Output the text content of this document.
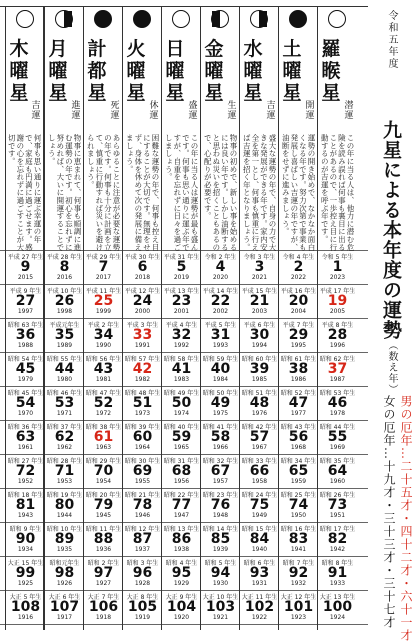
羅睺星
潜運
この年に当る人は、他力に潜む危険を読み誤れば何事も裏目に出ることがあるので、一歩控え目に行動するのが吉運を呼ぶ年です。
令和 5 年生
1
2023
平成 17 年生
19
2005
平成 8 年生
28
1996
昭和 62 年生
37
1987
昭和 53 年生
46
1978
昭和 44 年生
55
1969
昭和 35 年生
64
1960
昭和 26 年生
73
1951
昭和 17 年生
82
1942
昭和 8 年生
91
1933
大正 13 年生
100
1924
土曜星
開運
運勢の開き始めで、なかなか面白くなる年です。努力次第で事業も発展し喜ばしい吉運の年ですが、油断をせずに進みましょう。
令和 4 年生
2
2022
平成 16 年生
20
2004
平成 7 年生
29
1995
昭和 61 年生
38
1986
昭和 52 年生
47
1977
昭和 43 年生
56
1968
昭和 34 年生
65
1959
昭和 25 年生
74
1950
昭和 16 年生
83
1941
昭和 7 年生
92
1932
大正 12 年生
101
1923
水曜星
吉運
盛大な運勢の年で、自身の力で大きな発展ができる年です。家内安全を第一とし、何事も慎重に行えば吉運を招く年となりましょう。
令和 3 年生
3
2021
平成 15 年生
21
2003
平成 6 年生
30
1994
昭和 60 年生
39
1985
昭和 51 年生
48
1976
昭和 42 年生
57
1967
昭和 33 年生
66
1958
昭和 24 年生
75
1949
昭和 15 年生
84
1940
昭和 6 年生
93
1931
大正 11 年生
102
1922
金曜星
生運
物事の初めで、新しい事を始めるには良い年です。しかし油断すると思わぬ災いを招くこともあるので、心配りが必要です。
令和 2 年生
4
2020
平成 14 年生
22
2002
平成 5 年生
31
1993
昭和 59 年生
40
1984
昭和 50 年生
49
1975
昭和 41 年生
58
1966
昭和 32 年生
67
1957
昭和 23 年生
76
1948
昭和 14 年生
85
1939
昭和 5 年生
94
1930
大正 10 年生
103
1921
日曜星
盛運
この年に当る人は運勢が最も盛んです。何事も思い通りに運ぶ年ですが、自重を忘れずに日々を過ごしましょう。
平成 31 年生
5
2019
平成 13 年生
23
2001
平成 4 年生
32
1992
昭和 58 年生
41
1983
昭和 49 年生
50
1974
昭和 40 年生
59
1965
昭和 31 年生
68
1956
昭和 22 年生
77
1947
昭和 13 年生
86
1938
昭和 4 年生
95
1929
大正 9 年生
104
1920
火曜星
休運
困難な運勢の年で、何事も控え目にすることが大切です。無理をせず、身体を休めて次の発展に備えましょう。
平成 30 年生
6
2018
平成 12 年生
24
2000
平成 3 年生
33
1991
昭和 57 年生
42
1982
昭和 48 年生
51
1973
昭和 39 年生
60
1964
昭和 30 年生
69
1955
昭和 21 年生
78
1946
昭和 12 年生
87
1937
昭和 3 年生
96
1928
大正 8 年生
105
1919
計都星
死運
あらゆることに注意が必要な運勢の年です。何事も十分に計画を立て、慎重に行動すれば災いを避けられましょう。
平成 29 年生
7
2017
平成 11 年生
25
1999
平成 2 年生
34
1990
昭和 56 年生
43
1981
昭和 47 年生
52
1972
昭和 38 年生
61
1963
昭和 29 年生
70
1954
昭和 20 年生
79
1945
昭和 11 年生
88
1936
昭和 2 年生
97
1927
大正 7 年生
106
1918
月曜星
進運
物事に恵まれて、何事も順調に進む運勢の年です。初心を忘れずに努めれば、大いに開運することでしょう。
平成 28 年生
8
2016
平成 10 年生
26
1998
平成元年生
35
1989
昭和 55 年生
44
1980
昭和 46 年生
53
1971
昭和 37 年生
62
1962
昭和 28 年生
71
1953
昭和 19 年生
80
1944
昭和 10 年生
89
1935
昭和元年生
98
1926
大正 6 年生
107
1917
木曜星
吉運
何事も思い通りに運ぶ幸運の年で、家庭も円満に過ごせます。感謝の心を忘れずに過ごすことが大切です。
平成 27 年生
9
2015
平成 9 年生
27
1997
昭和 63 年生
36
1988
昭和 54 年生
45
1979
昭和 45 年生
54
1970
昭和 36 年生
63
1961
昭和 27 年生
72
1952
昭和 18 年生
81
1943
昭和 9 年生
90
1934
大正 15 年生
99
1925
大正 5 年生
108
1916
令和五年度
九星による本年度の運勢（数え年）
男の厄年…二十五才・四十二才・六十一才
女の厄年…十九才・三十三才・三十七才
